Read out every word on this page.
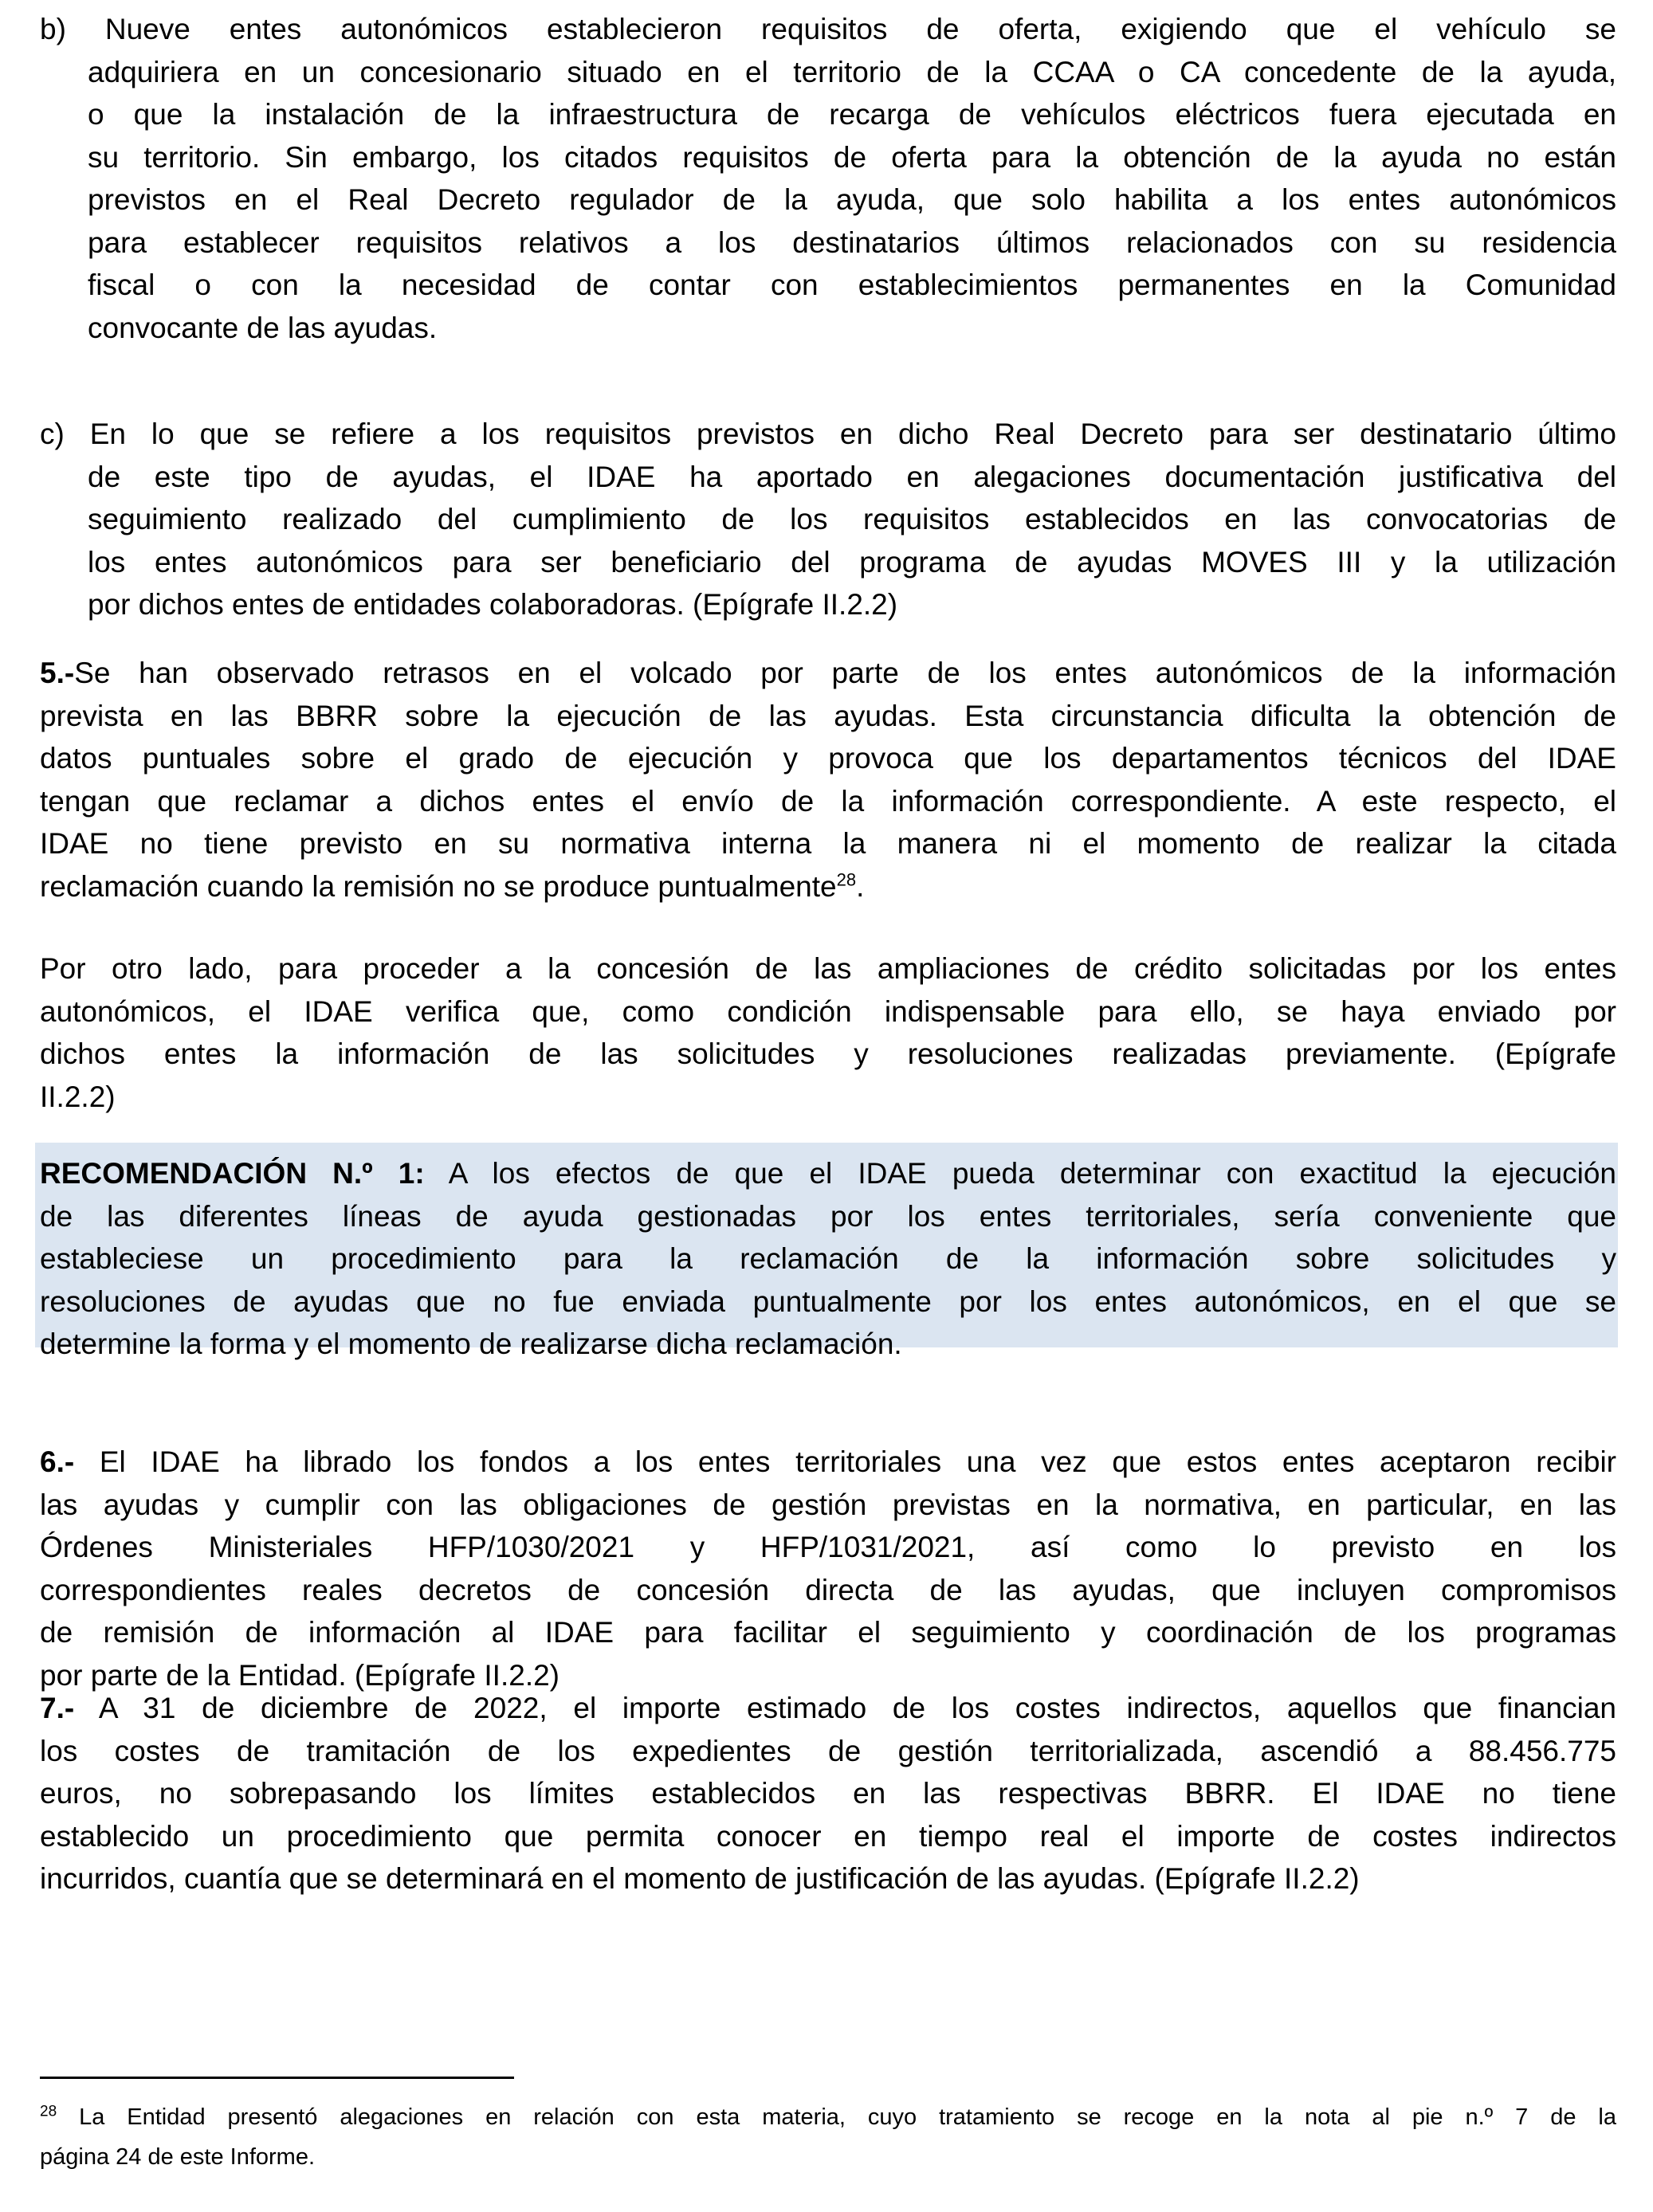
b) Nueve entes autonómicos establecieron requisitos de oferta, exigiendo que el vehículo se
adquiriera en un concesionario situado en el territorio de la CCAA o CA concedente de la ayuda,
o que la instalación de la infraestructura de recarga de vehículos eléctricos fuera ejecutada en
su territorio. Sin embargo, los citados requisitos de oferta para la obtención de la ayuda no están
previstos en el Real Decreto regulador de la ayuda, que solo habilita a los entes autonómicos
para establecer requisitos relativos a los destinatarios últimos relacionados con su residencia
fiscal o con la necesidad de contar con establecimientos permanentes en la Comunidad
convocante de las ayudas.
c) En lo que se refiere a los requisitos previstos en dicho Real Decreto para ser destinatario último
de este tipo de ayudas, el IDAE ha aportado en alegaciones documentación justificativa del
seguimiento realizado del cumplimiento de los requisitos establecidos en las convocatorias de
los entes autonómicos para ser beneficiario del programa de ayudas MOVES III y la utilización
por dichos entes de entidades colaboradoras. (Epígrafe II.2.2)
5.-Se han observado retrasos en el volcado por parte de los entes autonómicos de la información
prevista en las BBRR sobre la ejecución de las ayudas. Esta circunstancia dificulta la obtención de
datos puntuales sobre el grado de ejecución y provoca que los departamentos técnicos del IDAE
tengan que reclamar a dichos entes el envío de la información correspondiente. A este respecto, el
IDAE no tiene previsto en su normativa interna la manera ni el momento de realizar la citada
reclamación cuando la remisión no se produce puntualmente$^{28}$.
Por otro lado, para proceder a la concesión de las ampliaciones de crédito solicitadas por los entes
autonómicos, el IDAE verifica que, como condición indispensable para ello, se haya enviado por
dichos entes la información de las solicitudes y resoluciones realizadas previamente. (Epígrafe
II.2.2)
RECOMENDACIÓN N.º 1: A los efectos de que el IDAE pueda determinar con exactitud la ejecución
de las diferentes líneas de ayuda gestionadas por los entes territoriales, sería conveniente que
estableciese un procedimiento para la reclamación de la información sobre solicitudes y
resoluciones de ayudas que no fue enviada puntualmente por los entes autonómicos, en el que se
determine la forma y el momento de realizarse dicha reclamación.
6.- El IDAE ha librado los fondos a los entes territoriales una vez que estos entes aceptaron recibir
las ayudas y cumplir con las obligaciones de gestión previstas en la normativa, en particular, en las
Órdenes Ministeriales HFP/1030/2021 y HFP/1031/2021, así como lo previsto en los
correspondientes reales decretos de concesión directa de las ayudas, que incluyen compromisos
de remisión de información al IDAE para facilitar el seguimiento y coordinación de los programas
por parte de la Entidad. (Epígrafe II.2.2)
7.- A 31 de diciembre de 2022, el importe estimado de los costes indirectos, aquellos que financian
los costes de tramitación de los expedientes de gestión territorializada, ascendió a 88.456.775
euros, no sobrepasando los límites establecidos en las respectivas BBRR. El IDAE no tiene
establecido un procedimiento que permita conocer en tiempo real el importe de costes indirectos
incurridos, cuantía que se determinará en el momento de justificación de las ayudas. (Epígrafe II.2.2)
$^{28}$ La Entidad presentó alegaciones en relación con esta materia, cuyo tratamiento se recoge en la nota al pie n.º 7 de la
página 24 de este Informe.
